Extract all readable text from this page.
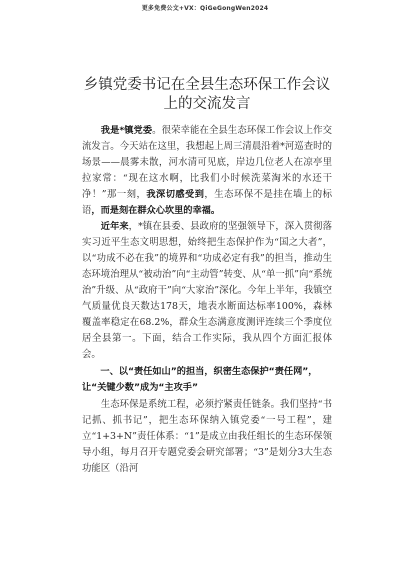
更多免费公文+VX：QiGeGongWen2024
乡镇党委书记在全县生态环保工作会议上的交流发言

我是*镇党委。很荣幸能在全县生态环保工作会议上作交流发言。今天站在这里，我想起上周三清晨沿着*河巡查时的场景——晨雾未散，河水清可见底，岸边几位老人在凉亭里拉家常：“现在这水啊，比我们小时候洗菜淘米的水还干净！”那一刻，我深切感受到，生态环保不是挂在墙上的标语，而是刻在群众心坎里的幸福。

近年来，*镇在县委、县政府的坚强领导下，深入贯彻落实习近平生态文明思想，始终把生态保护作为“国之大者”，以“功成不必在我”的境界和“功成必定有我”的担当，推动生态环境治理从“被动治”向“主动管”转变、从“单一抓”向“系统治”升级、从“政府干”向“大家治”深化。今年上半年，我镇空气质量优良天数达178天，地表水断面达标率100%，森林覆盖率稳定在68.2%，群众生态满意度测评连续三个季度位居全县第一。下面，结合工作实际，我从四个方面汇报体会。

一、以“责任如山”的担当，织密生态保护“责任网”，让“关键少数”成为“主攻手”

生态环保是系统工程，必须拧紧责任链条。我们坚持“书记抓、抓书记”，把生态环保纳入镇党委“一号工程”，建立“1+3+N”责任体系：“1”是成立由我任组长的生态环保领导小组，每月召开专题党委会研究部署；“3”是划分3大生态功能区（沿河
